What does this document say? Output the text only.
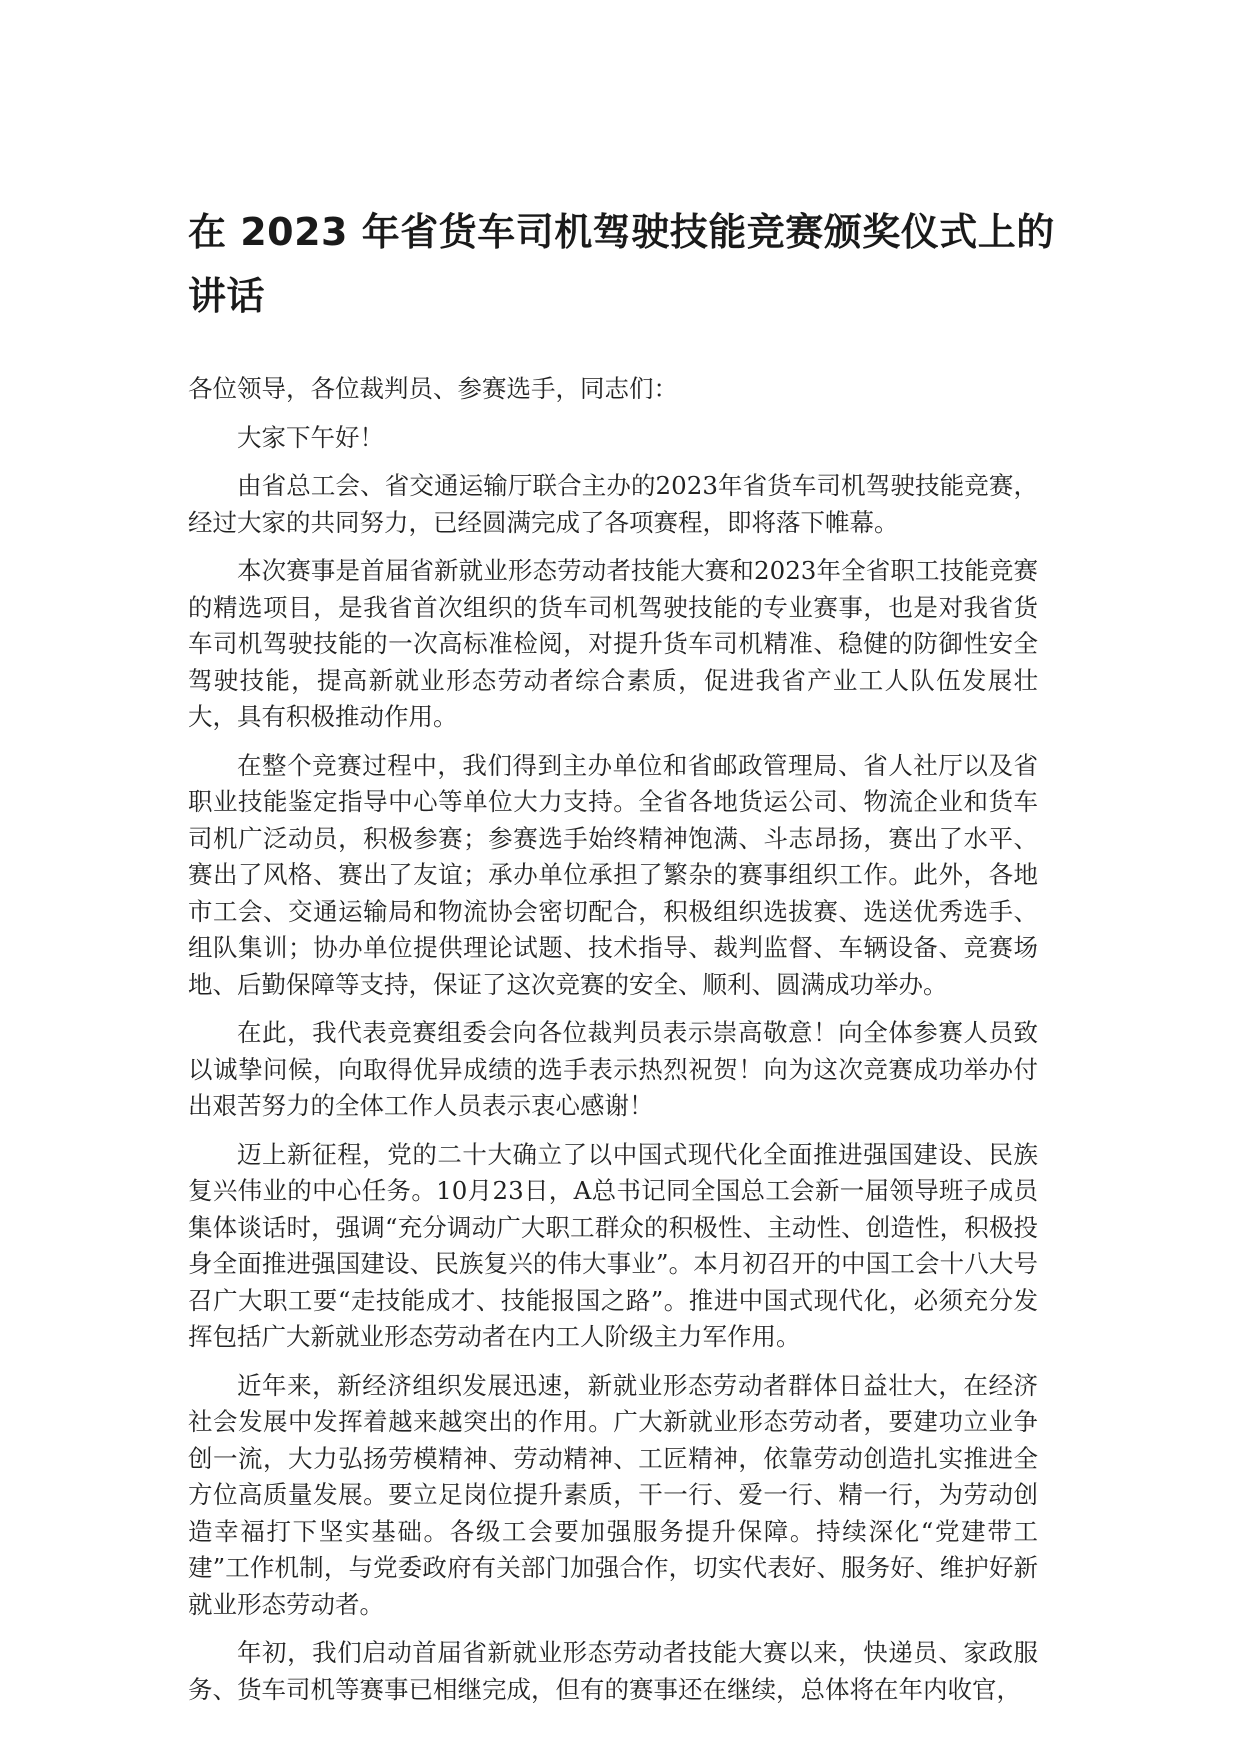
在 2023 年省货车司机驾驶技能竞赛颁奖仪式上的讲话

各位领导，各位裁判员、参赛选手，同志们：

大家下午好！

由省总工会、省交通运输厅联合主办的2023年省货车司机驾驶技能竞赛，经过大家的共同努力，已经圆满完成了各项赛程，即将落下帷幕。

本次赛事是首届省新就业形态劳动者技能大赛和2023年全省职工技能竞赛的精选项目，是我省首次组织的货车司机驾驶技能的专业赛事，也是对我省货车司机驾驶技能的一次高标准检阅，对提升货车司机精准、稳健的防御性安全驾驶技能，提高新就业形态劳动者综合素质，促进我省产业工人队伍发展壮大，具有积极推动作用。

在整个竞赛过程中，我们得到主办单位和省邮政管理局、省人社厅以及省职业技能鉴定指导中心等单位大力支持。全省各地货运公司、物流企业和货车司机广泛动员，积极参赛；参赛选手始终精神饱满、斗志昂扬，赛出了水平、赛出了风格、赛出了友谊；承办单位承担了繁杂的赛事组织工作。此外，各地市工会、交通运输局和物流协会密切配合，积极组织选拔赛、选送优秀选手、组队集训；协办单位提供理论试题、技术指导、裁判监督、车辆设备、竞赛场地、后勤保障等支持，保证了这次竞赛的安全、顺利、圆满成功举办。

在此，我代表竞赛组委会向各位裁判员表示崇高敬意！向全体参赛人员致以诚挚问候，向取得优异成绩的选手表示热烈祝贺！向为这次竞赛成功举办付出艰苦努力的全体工作人员表示衷心感谢！

迈上新征程，党的二十大确立了以中国式现代化全面推进强国建设、民族复兴伟业的中心任务。10月23日，A总书记同全国总工会新一届领导班子成员集体谈话时，强调“充分调动广大职工群众的积极性、主动性、创造性，积极投身全面推进强国建设、民族复兴的伟大事业”。本月初召开的中国工会十八大号召广大职工要“走技能成才、技能报国之路”。推进中国式现代化，必须充分发挥包括广大新就业形态劳动者在内工人阶级主力军作用。

近年来，新经济组织发展迅速，新就业形态劳动者群体日益壮大，在经济社会发展中发挥着越来越突出的作用。广大新就业形态劳动者，要建功立业争创一流，大力弘扬劳模精神、劳动精神、工匠精神，依靠劳动创造扎实推进全方位高质量发展。要立足岗位提升素质，干一行、爱一行、精一行，为劳动创造幸福打下坚实基础。各级工会要加强服务提升保障。持续深化“党建带工建”工作机制，与党委政府有关部门加强合作，切实代表好、服务好、维护好新就业形态劳动者。

年初，我们启动首届省新就业形态劳动者技能大赛以来，快递员、家政服务、货车司机等赛事已相继完成，但有的赛事还在继续，总体将在年内收官，
